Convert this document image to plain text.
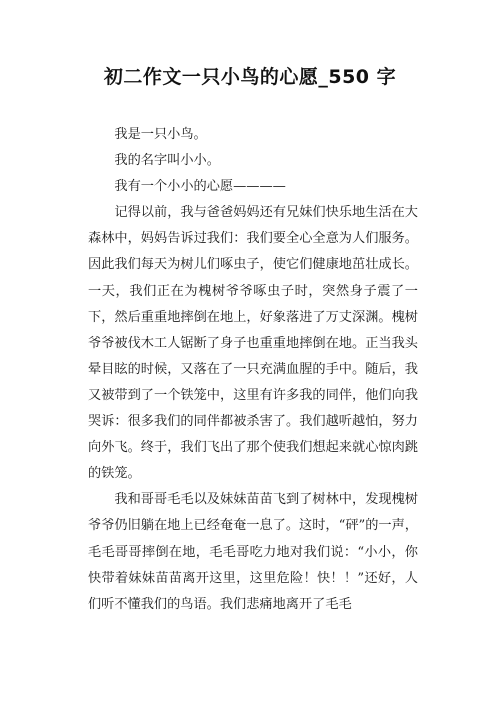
初二作文一只小鸟的心愿_550 字

我是一只小鸟。

我的名字叫小小。

我有一个小小的心愿————

记得以前，我与爸爸妈妈还有兄妹们快乐地生活在大森林中，妈妈告诉过我们：我们要全心全意为人们服务。因此我们每天为树儿们啄虫子，使它们健康地茁壮成长。一天，我们正在为槐树爷爷啄虫子时，突然身子震了一下，然后重重地摔倒在地上，好象落进了万丈深渊。槐树爷爷被伐木工人锯断了身子也重重地摔倒在地。正当我头晕目眩的时候，又落在了一只充满血腥的手中。随后，我又被带到了一个铁笼中，这里有许多我的同伴，他们向我哭诉：很多我们的同伴都被杀害了。我们越听越怕，努力向外飞。终于，我们飞出了那个使我们想起来就心惊肉跳的铁笼。

我和哥哥毛毛以及妹妹苗苗飞到了树林中，发现槐树爷爷仍旧躺在地上已经奄奄一息了。这时，“砰”的一声，毛毛哥哥摔倒在地，毛毛哥吃力地对我们说：“小小，你快带着妹妹苗苗离开这里，这里危险！快！！”还好，人们听不懂我们的鸟语。我们悲痛地离开了毛毛
